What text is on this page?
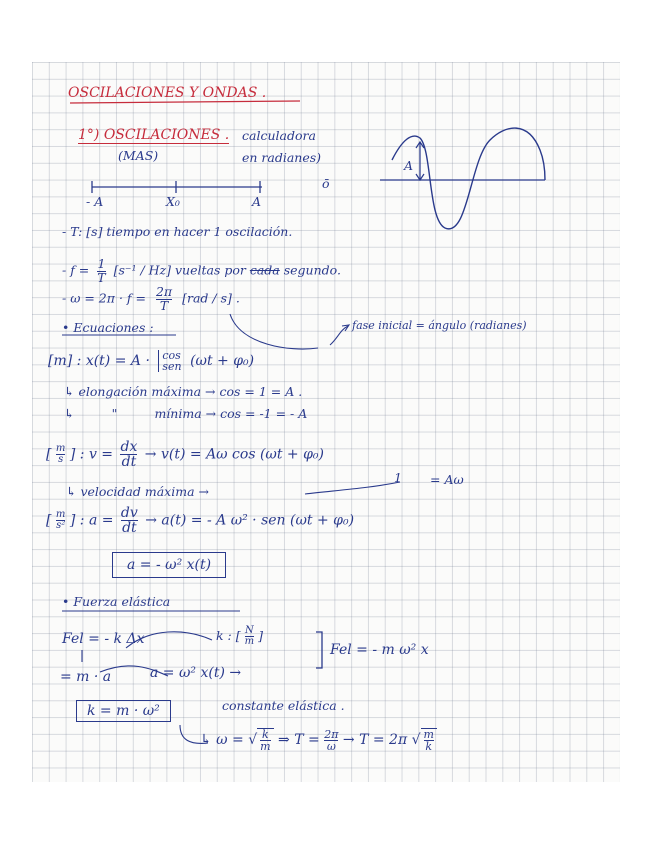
OSCILACIONES Y ONDAS .
1°) OSCILACIONES .
(MAS)
calculadora
en radianes)
ō
- A	X₀	A
A
- T: [s] tiempo en hacer 1 oscilación.
- $f = \frac{1}{T} [s^{-1} / Hz]$ vueltas por cada segundo.
- $\omega = 2\pi \cdot f = \frac{2\pi}{T} [rad / s]$ .
• Ecuaciones :	fase inicial = ángulo (radianes)
[m] : x(t) = A · cos
sen (ωt + φ₀)
↳ elongación máxima → cos = 1 = A .
↳	"	mínima → cos = -1 = - A
[ $\frac{m}{s}$ ] : $v = \frac{dx}{dt} \to v(t) = A\omega$ cos (ωt + φ₀)
1 = Aω
↳ velocidad máxima →
[ $\frac{m}{\text{s²}}$ ] : $a = \frac{dv}{dt} \to a(t)$ = - A ω² · sen (ωt + φ₀)
a = - ω² x(t)
• Fuerza elástica
Fel = - k Δx	k : [ $\frac{N}{m}$ ]
= m · a	a = ω² x(t) →
Fel = - m ω² x
k = m · ω²	constante elástica .
↳ ω = √ $\frac{k}{m}$ ⇒ $T = \frac{2\pi}{\omega} \to T = 2\pi$ √ $\frac{m}{k}$
